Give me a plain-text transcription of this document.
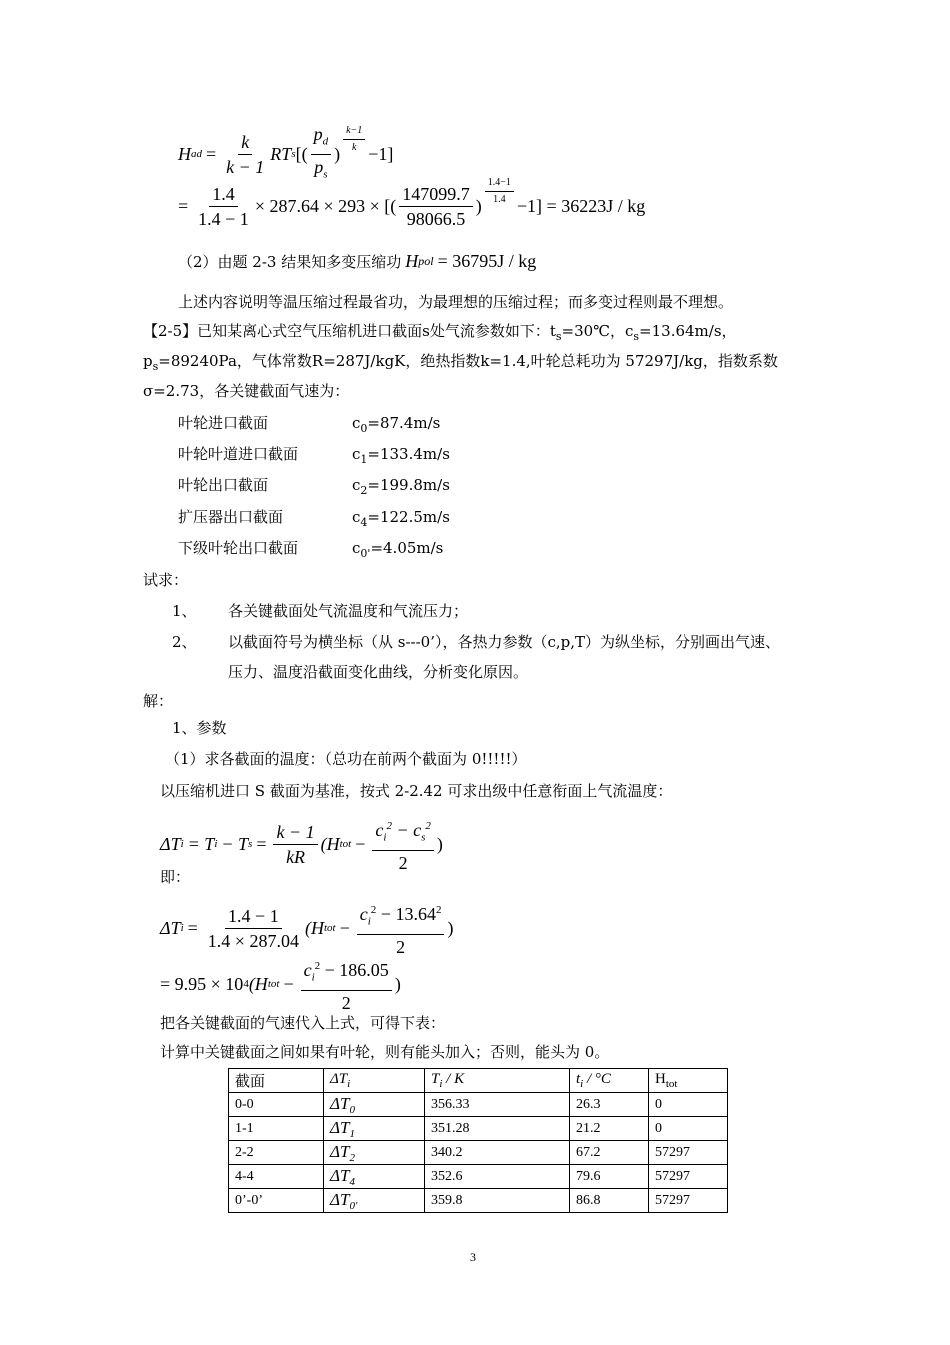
H ad = $\frac{k}{k - 1}$ RT s [( $\frac{p_d}{p_s}$ ) $\frac{k-1}{k} -1$]
= $\frac{1.4}{1.4 - 1} \times 287.64 \times 293$ × [( $\frac{147099.7}{98066.5}$ ) $\frac{1.4-1}{1.4} -1] = 36223J$ / kg
（2）由题 2-3 结果知多变压缩功 H pol = 36795J / kg
上述内容说明等温压缩过程最省功，为最理想的压缩过程；而多变过程则最不理想。
【2-5】已知某离心式空气压缩机进口截面s处气流参数如下：$t_s=30℃$，$c_s=13.64m/s$，
$p_s=89240Pa$，气体常数R=287J/kgK，绝热指数k=1.4,叶轮总耗功为 57297J/kg，指数系数
σ=2.73，各关键截面气速为：
叶轮进口截面	$c_0=87.4m/s$
叶轮叶道进口截面	$c_1=133.4m/s$
叶轮出口截面	$c_2=199.8m/s$
扩压器出口截面	$c_4=122.5m/s$
下级叶轮出口截面	$c_{0'}=4.05m/s$
试求：
1、 各关键截面处气流温度和气流压力；
2、 以截面符号为横坐标（从 s---0’），各热力参数（c,p,T）为纵坐标，分别画出气速、
压力、温度沿截面变化曲线，分析变化原因。
解：
1、参数
（1）求各截面的温度：（总功在前两个截面为 0!!!!!）
以压缩机进口 S 截面为基准，按式 2-2.42 可求出级中任意衔面上气流温度：
ΔT i = T i − T $s = \frac{k - 1}{kR} (H$ tot − $\frac{c_i^2 - c_s^2}{2}$ )
即：
ΔT $i = \frac{1.4 - 1}{1.4 \times 287.04} (H$ tot − $\frac{c_i^2 - 13.64^2}{2}$ )
= 9.95 × 10 4 (H tot − $\frac{c_i^2 - 186.05}{2}$ )
把各关键截面的气速代入上式，可得下表：
计算中关键截面之间如果有叶轮，则有能头加入；否则，能头为 0。
截面	$\Delta T_i$	$T_i$ / K	$t_i / ^\circ C$	$H_{tot}$
0-0	$\Delta T_0$	356.33	26.3	0
1-1	$\Delta T_1$	351.28	21.2	0
2-2	$\Delta T_2$	340.2	67.2	57297
4-4	$\Delta T_4$	352.6	79.6	57297
0’-0’	$\Delta T_{0'}$	359.8	86.8	57297
3
